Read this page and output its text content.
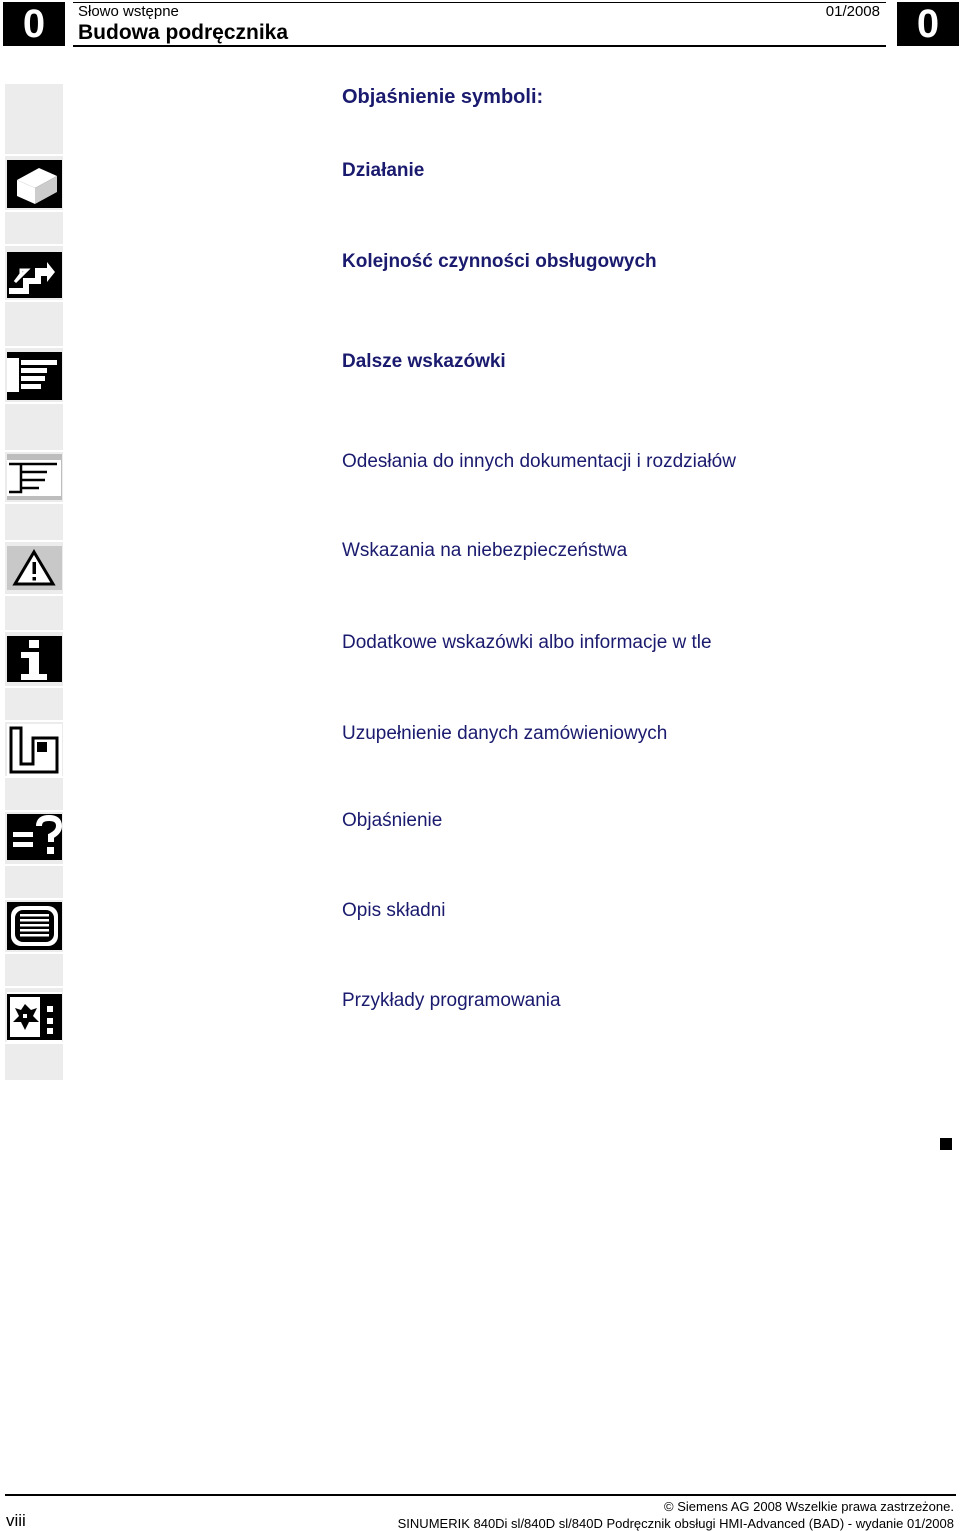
0	Słowo wstępne	01/2008
Budowa podręcznika	0
Objaśnienie symboli:
Działanie
Kolejność czynności obsługowych
Dalsze wskazówki
Odesłania do innych dokumentacji i rozdziałów
Wskazania na niebezpieczeństwa
Dodatkowe wskazówki albo informacje w tle
Uzupełnienie danych zamówieniowych
Objaśnienie
Opis składni
Przykłady programowania
viii
© Siemens AG 2008 Wszelkie prawa zastrzeżone.
SINUMERIK 840Di sl/840D sl/840D Podręcznik obsługi HMI-Advanced (BAD) - wydanie 01/2008
